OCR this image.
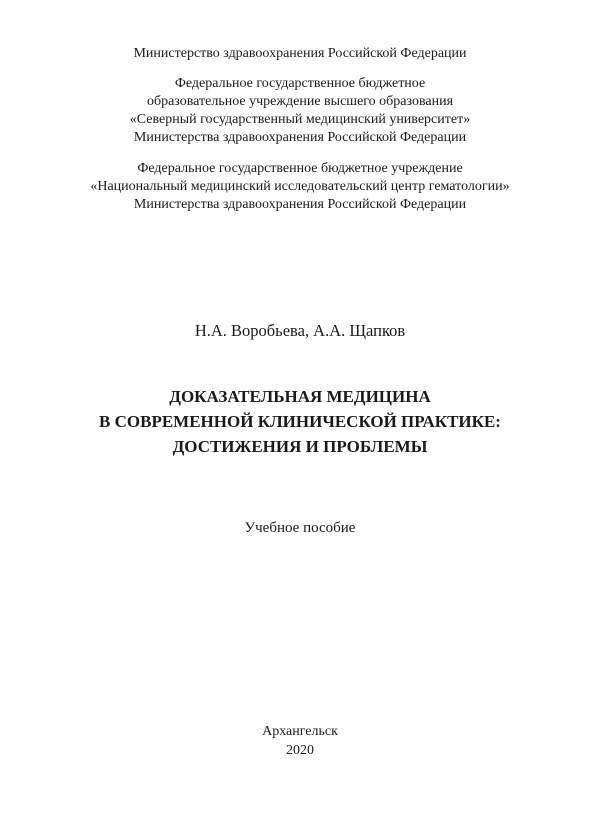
Министерство здравоохранения Российской Федерации
Федеральное государственное бюджетное
образовательное учреждение высшего образования
«Северный государственный медицинский университет»
Министерства здравоохранения Российской Федерации
Федеральное государственное бюджетное учреждение
«Национальный медицинский исследовательский центр гематологии»
Министерства здравоохранения Российской Федерации
Н.А. Воробьева, А.А. Щапков
ДОКАЗАТЕЛЬНАЯ МЕДИЦИНА
В СОВРЕМЕННОЙ КЛИНИЧЕСКОЙ ПРАКТИКЕ:
ДОСТИЖЕНИЯ И ПРОБЛЕМЫ
Учебное пособие
Архангельск
2020
